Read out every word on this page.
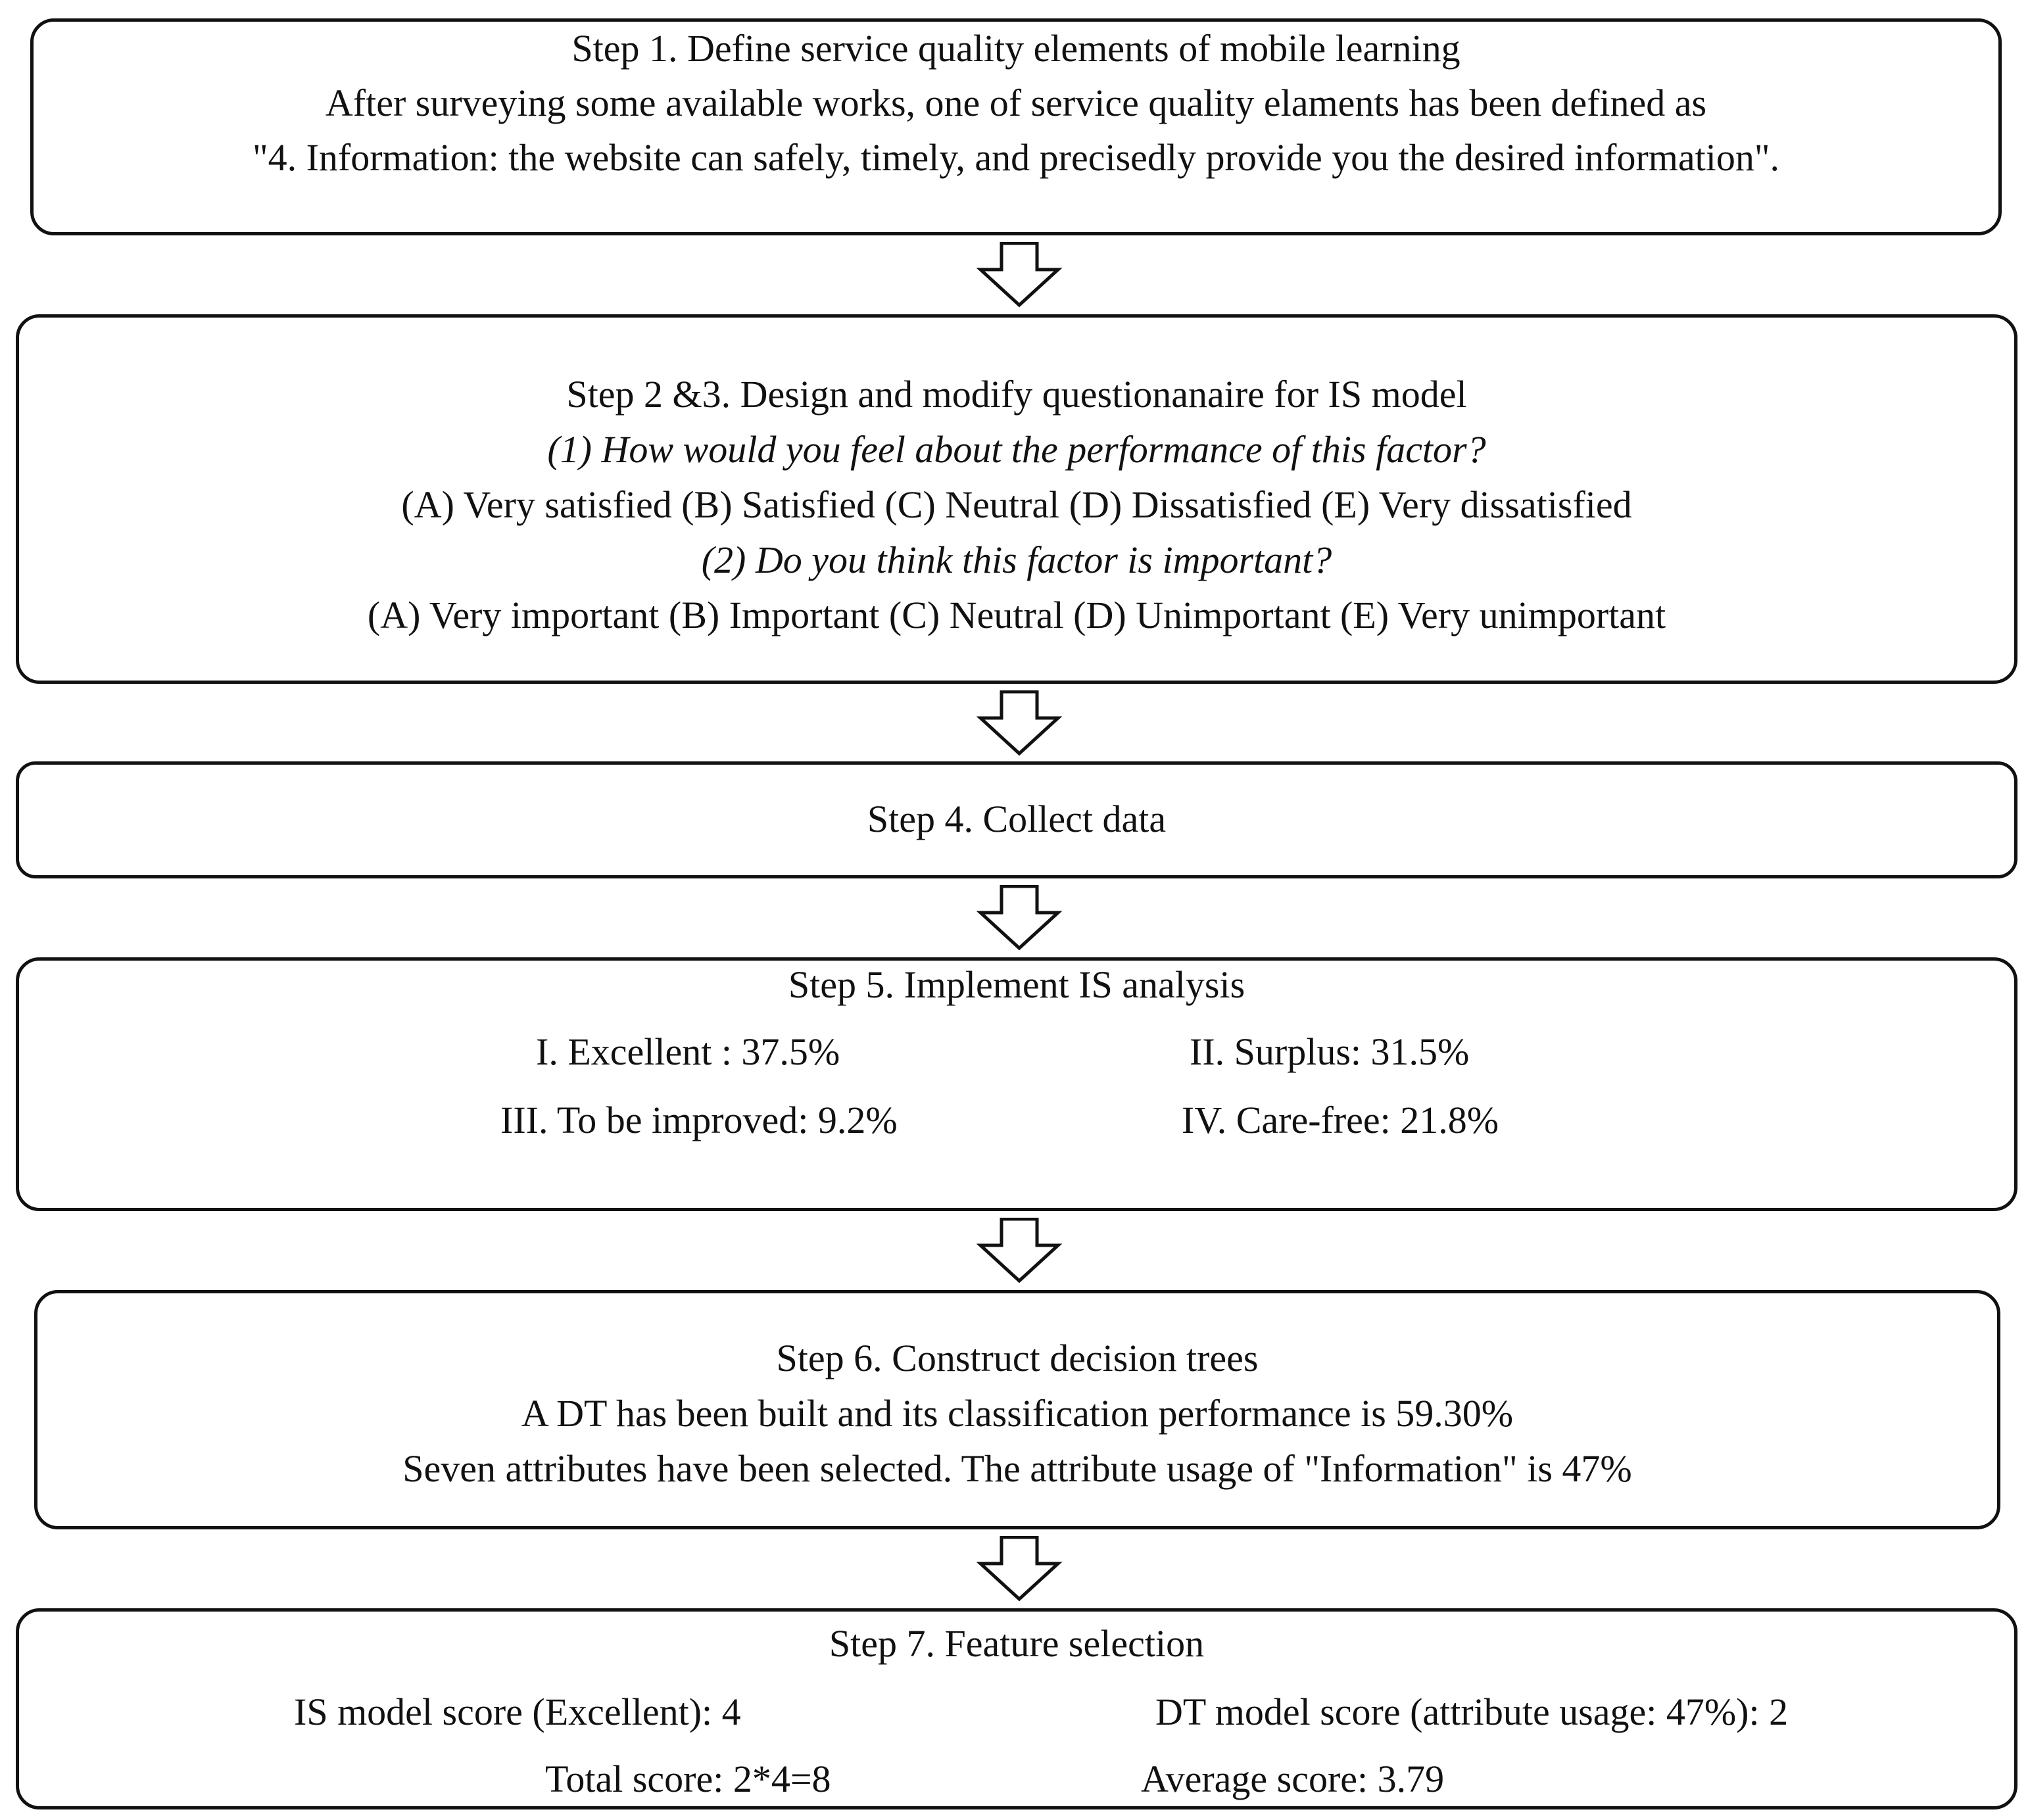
Step 1. Define service quality elements of mobile learning
After surveying some available works, one of service quality elaments has been defined as
"4. Information: the website can safely, timely, and precisedly provide you the desired information".
Step 2 &3. Design and modify questionanaire for IS model
(1) How would you feel about the performance of this factor?
(A) Very satisfied (B) Satisfied (C) Neutral (D) Dissatisfied (E) Very dissatisfied
(2) Do you think this factor is important?
(A) Very important (B) Important (C) Neutral (D) Unimportant (E) Very unimportant
Step 4. Collect data
Step 5. Implement IS analysis
I. Excellent : 37.5%	II. Surplus: 31.5%
III. To be improved: 9.2%	IV. Care-free: 21.8%
Step 6. Construct decision trees
A DT has been built and its classification performance is 59.30%
Seven attributes have been selected. The attribute usage of "Information" is 47%
Step 7. Feature selection
IS model score (Excellent): 4	DT model score (attribute usage: 47%): 2
Total score: 2*4=8	Average score: 3.79
